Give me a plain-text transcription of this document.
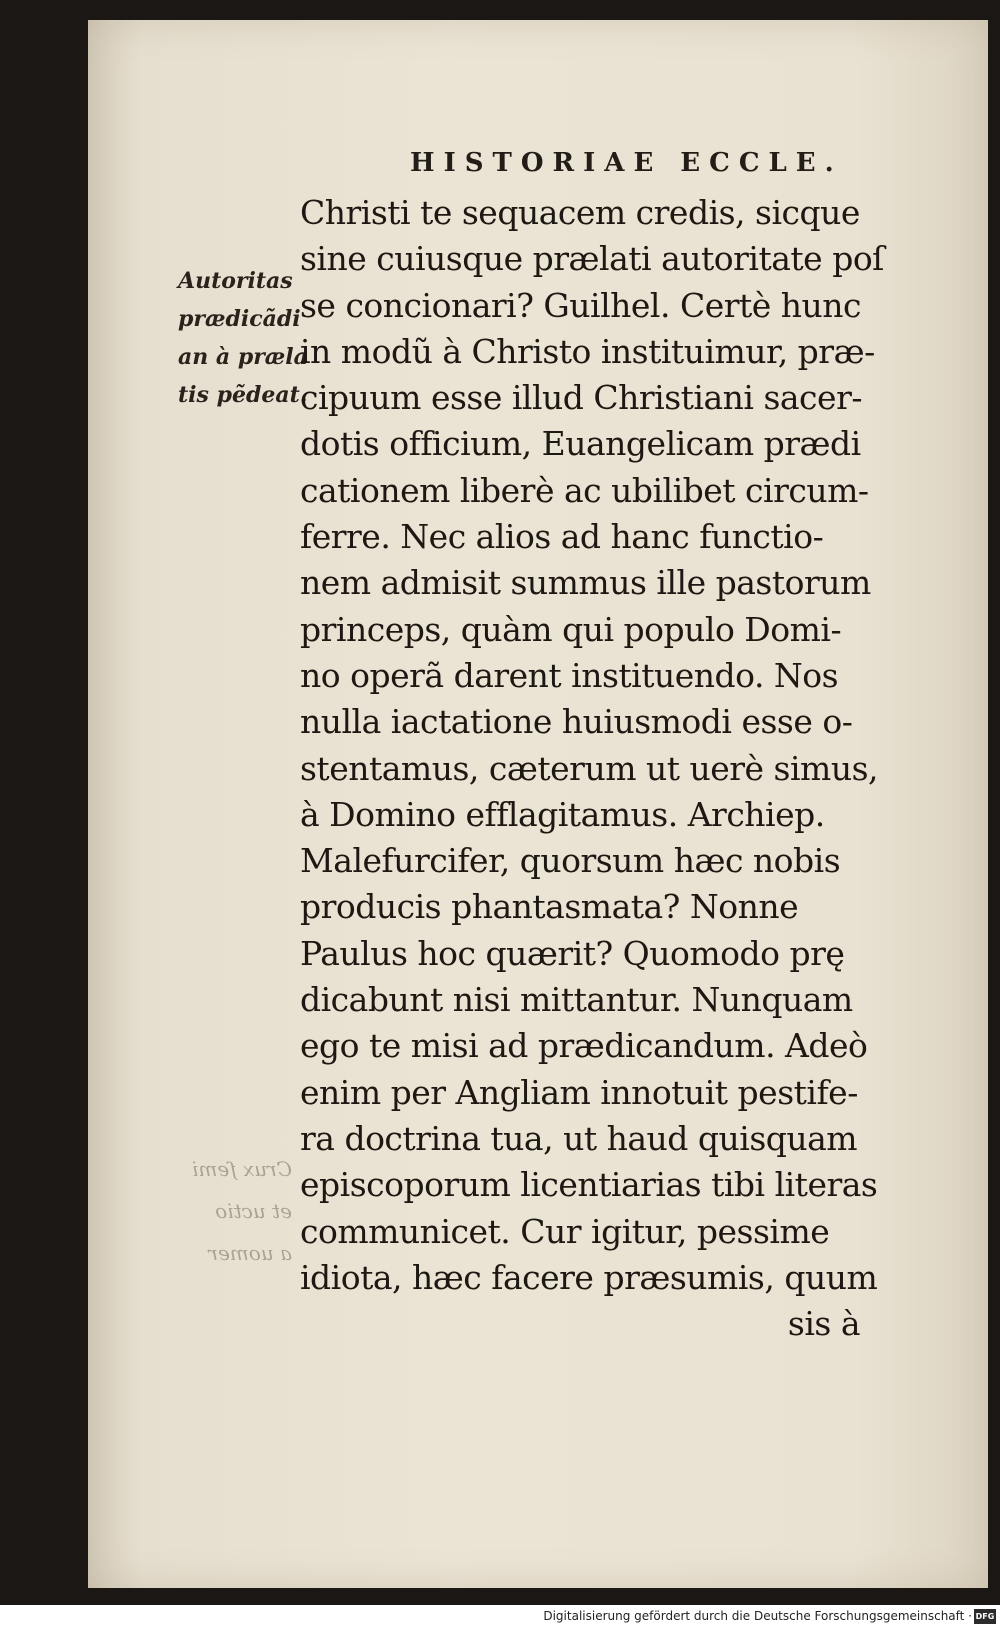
HISTORIAE ECCLE.
Autoritas
prædicãdi
an à præla
tis pẽdeat.
Christi te sequacem credis, sicque
sine cuiusque prælati autoritate poſ
se concionari? Guilhel. Certè hunc
in modũ à Christo instituimur, præ-
cipuum esse illud Christiani sacer-
dotis officium, Euangelicam prædi
cationem liberè ac ubilibet circum-
ferre. Nec alios ad hanc functio-
nem admisit summus ille pastorum
princeps, quàm qui populo Domi-
no operã darent instituendo. Nos
nulla iactatione huiusmodi esse o-
stentamus, cæterum ut uerè simus,
à Domino efflagitamus. Archiep.
Malefurcifer, quorsum hæc nobis
producis phantasmata? Nonne
Paulus hoc quærit? Quomodo prę
dicabunt nisi mittantur. Nunquam
ego te misi ad prædicandum. Adeò
enim per Angliam innotuit pestife-
ra doctrina tua, ut haud quisquam
episcoporum licentiarias tibi literas
communicet. Cur igitur, pessime
idiota, hæc facere præsumis, quum
sis à
Crux ſemi
et uctio
a uomer
Digitalisierung gefördert durch die Deutsche Forschungsgemeinschaft · DFG
